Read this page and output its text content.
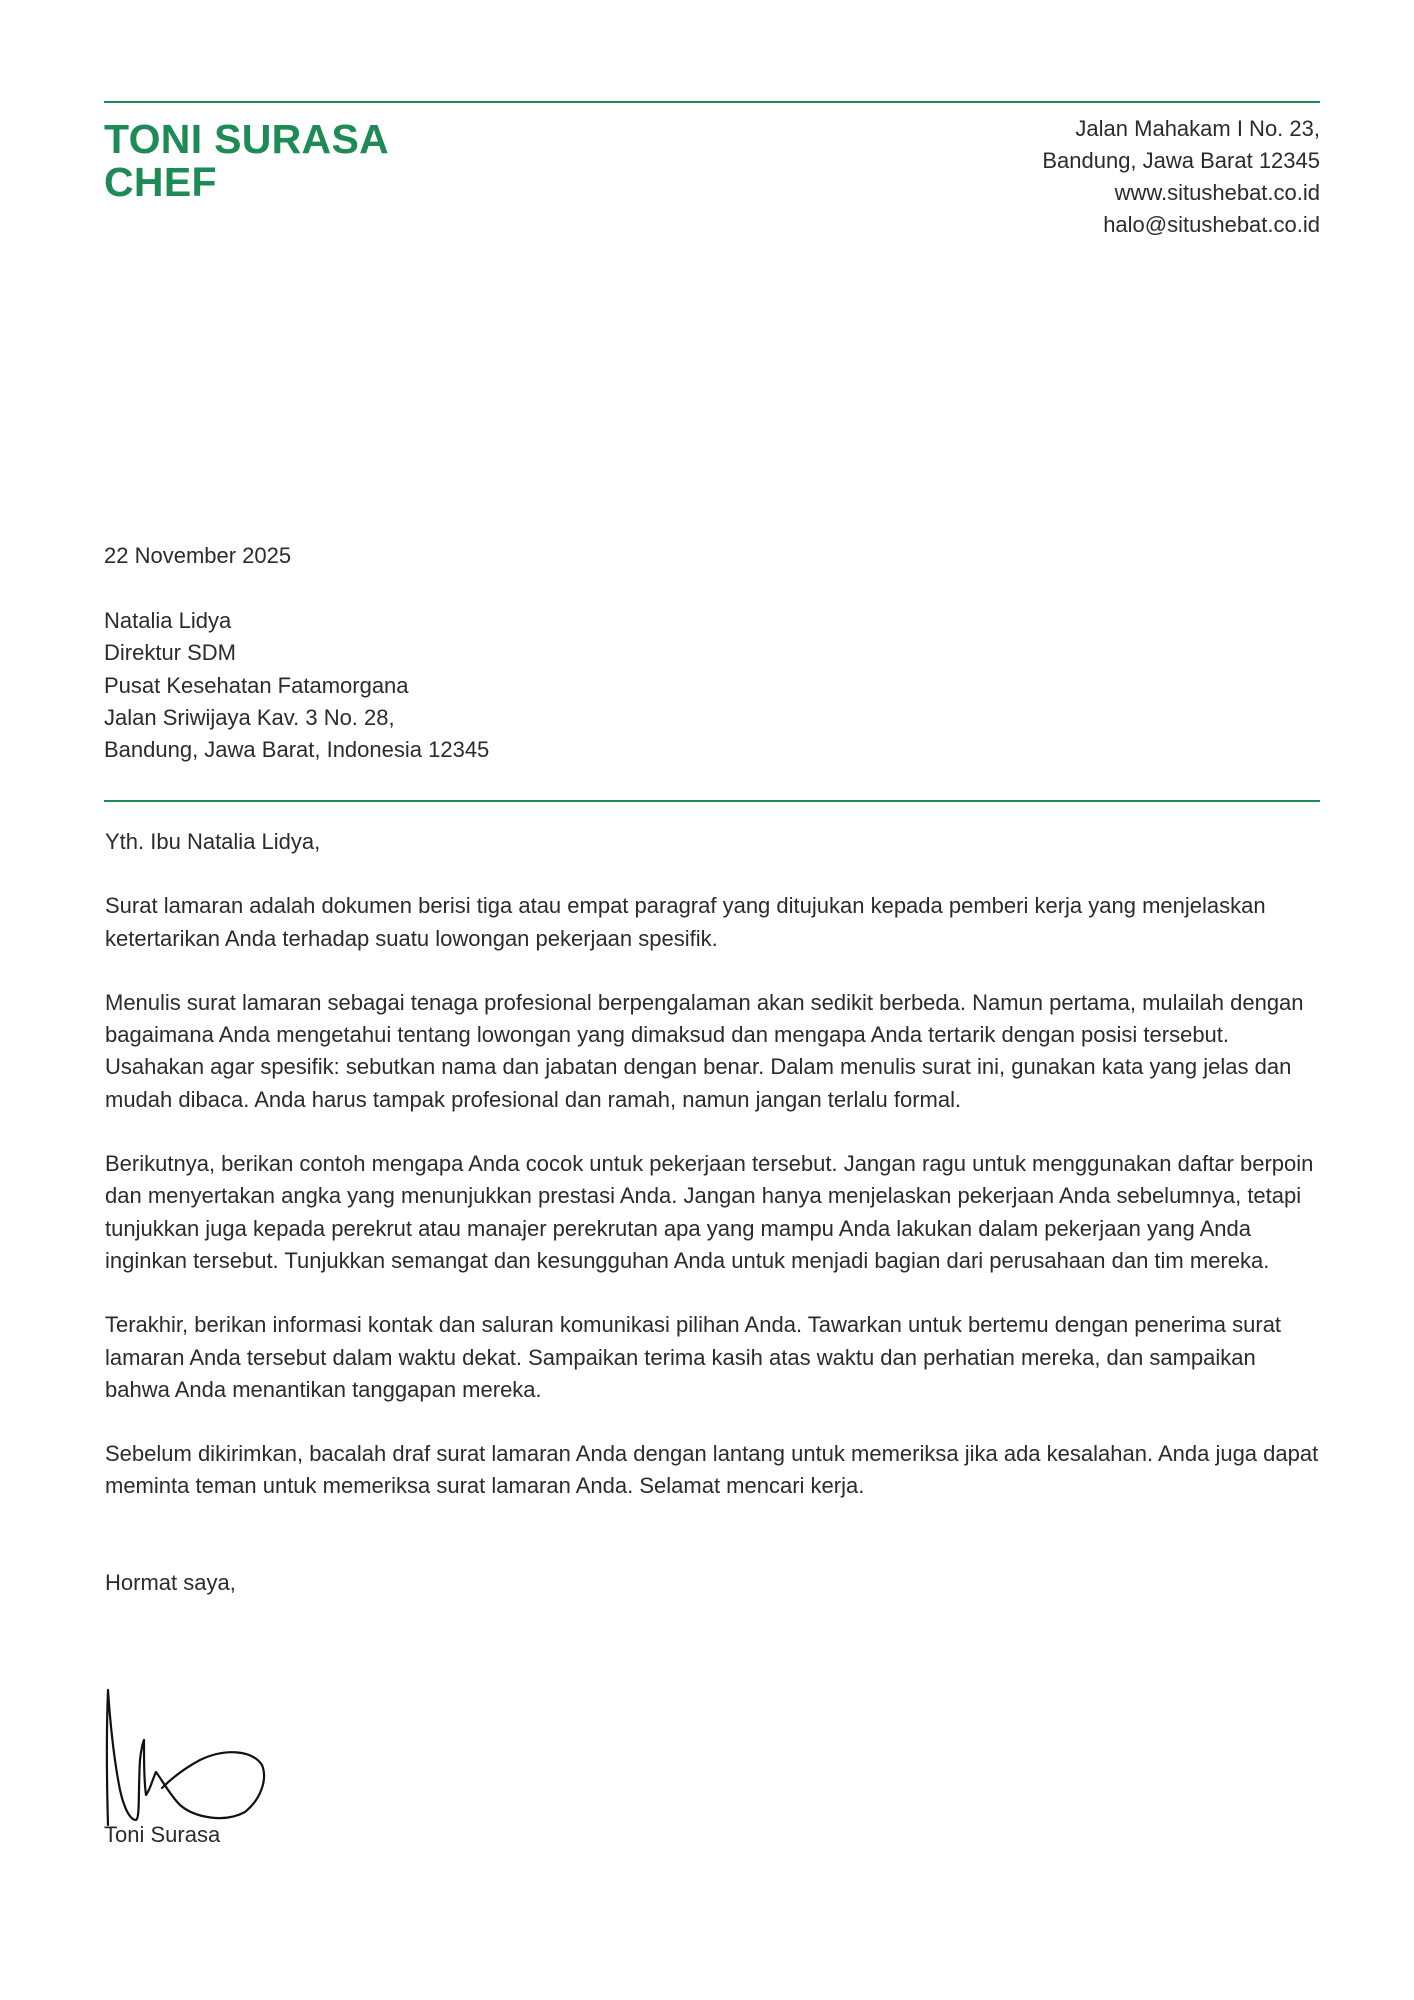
TONI SURASA
CHEF
Jalan Mahakam I No. 23,
Bandung, Jawa Barat 12345
www.situshebat.co.id
halo@situshebat.co.id
22 November 2025
Natalia Lidya
Direktur SDM
Pusat Kesehatan Fatamorgana
Jalan Sriwijaya Kav. 3 No. 28,
Bandung, Jawa Barat, Indonesia 12345
Yth. Ibu Natalia Lidya,
Surat lamaran adalah dokumen berisi tiga atau empat paragraf yang ditujukan kepada pemberi kerja yang menjelaskan ketertarikan Anda terhadap suatu lowongan pekerjaan spesifik.
Menulis surat lamaran sebagai tenaga profesional berpengalaman akan sedikit berbeda. Namun pertama, mulailah dengan bagaimana Anda mengetahui tentang lowongan yang dimaksud dan mengapa Anda tertarik dengan posisi tersebut. Usahakan agar spesifik: sebutkan nama dan jabatan dengan benar. Dalam menulis surat ini, gunakan kata yang jelas dan mudah dibaca. Anda harus tampak profesional dan ramah, namun jangan terlalu formal.
Berikutnya, berikan contoh mengapa Anda cocok untuk pekerjaan tersebut. Jangan ragu untuk menggunakan daftar berpoin dan menyertakan angka yang menunjukkan prestasi Anda. Jangan hanya menjelaskan pekerjaan Anda sebelumnya, tetapi tunjukkan juga kepada perekrut atau manajer perekrutan apa yang mampu Anda lakukan dalam pekerjaan yang Anda inginkan tersebut. Tunjukkan semangat dan kesungguhan Anda untuk menjadi bagian dari perusahaan dan tim mereka.
Terakhir, berikan informasi kontak dan saluran komunikasi pilihan Anda. Tawarkan untuk bertemu dengan penerima surat lamaran Anda tersebut dalam waktu dekat. Sampaikan terima kasih atas waktu dan perhatian mereka, dan sampaikan bahwa Anda menantikan tanggapan mereka.
Sebelum dikirimkan, bacalah draf surat lamaran Anda dengan lantang untuk memeriksa jika ada kesalahan. Anda juga dapat meminta teman untuk memeriksa surat lamaran Anda. Selamat mencari kerja.
Hormat saya,
Toni Surasa
